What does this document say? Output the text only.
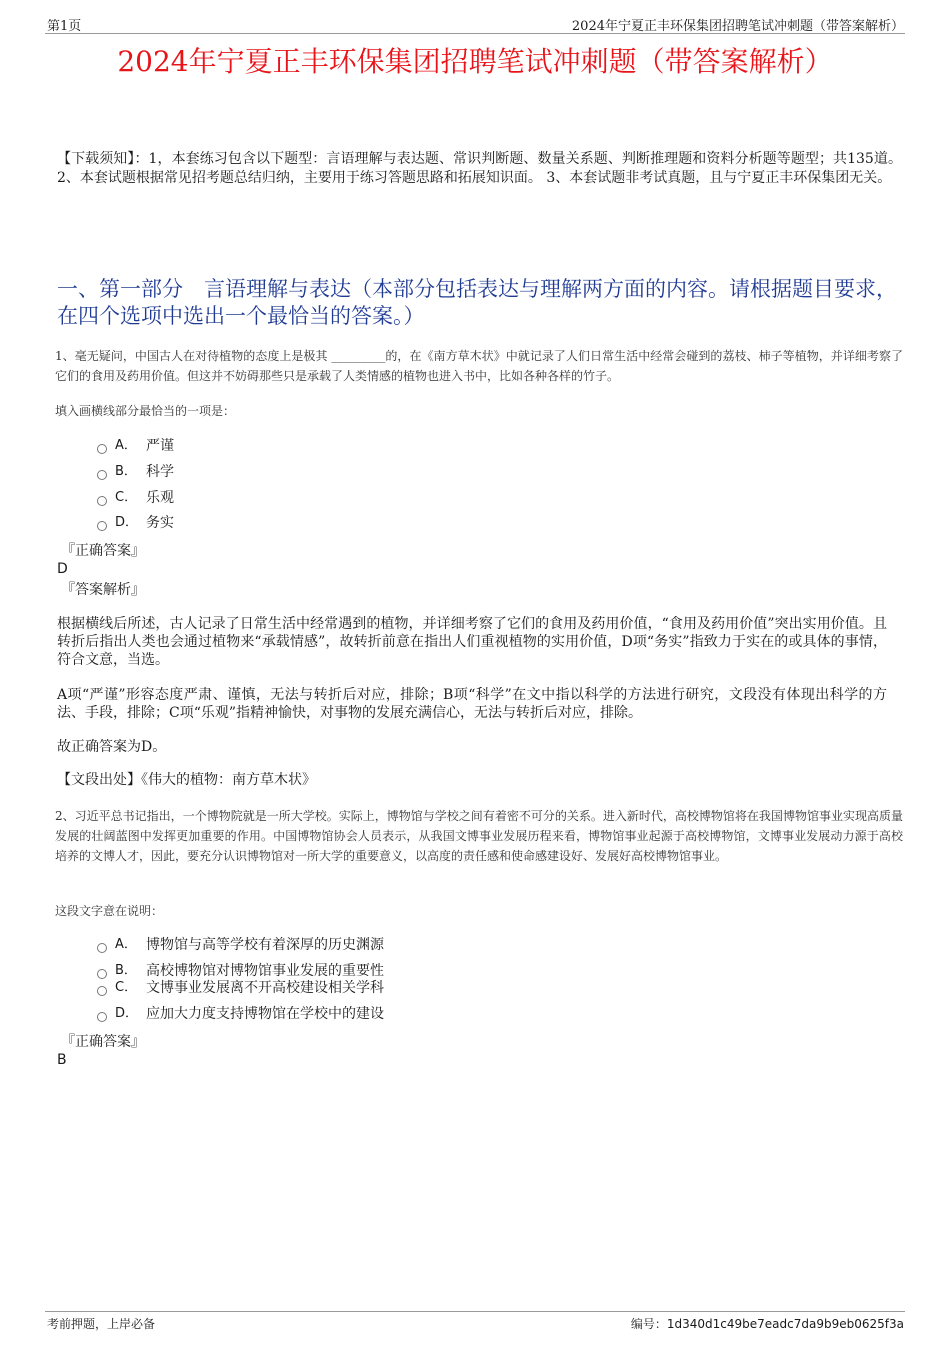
第1页	2024年宁夏正丰环保集团招聘笔试冲刺题（带答案解析）
2024年宁夏正丰环保集团招聘笔试冲刺题（带答案解析）
【下载须知】：1，本套练习包含以下题型：言语理解与表达题、常识判断题、数量关系题、判断推理题和资料分析题等题型；共135道。 2、本套试题根据常见招考题总结归纳，主要用于练习答题思路和拓展知识面。 3、本套试题非考试真题，且与宁夏正丰环保集团无关。
一、第一部分　言语理解与表达（本部分包括表达与理解两方面的内容。请根据题目要求，在四个选项中选出一个最恰当的答案。）
1、毫无疑问，中国古人在对待植物的态度上是极其 _________的，在《南方草木状》中就记录了人们日常生活中经常会碰到的荔枝、柿子等植物，并详细考察了它们的食用及药用价值。但这并不妨碍那些只是承载了人类情感的植物也进入书中，比如各种各样的竹子。
填入画横线部分最恰当的一项是：
A． 严谨
B． 科学
C． 乐观
D． 务实
『正确答案』
D
『答案解析』
根据横线后所述，古人记录了日常生活中经常遇到的植物，并详细考察了它们的食用及药用价值，“食用及药用价值”突出实用价值。且转折后指出人类也会通过植物来“承载情感”，故转折前意在指出人们重视植物的实用价值，D项“务实”指致力于实在的或具体的事情，符合文意，当选。
A项“严谨”形容态度严肃、谨慎，无法与转折后对应，排除；B项“科学”在文中指以科学的方法进行研究，文段没有体现出科学的方法、手段，排除；C项“乐观”指精神愉快，对事物的发展充满信心，无法与转折后对应，排除。
故正确答案为D。
【文段出处】《伟大的植物：南方草木状》
2、习近平总书记指出，一个博物院就是一所大学校。实际上，博物馆与学校之间有着密不可分的关系。进入新时代，高校博物馆将在我国博物馆事业实现高质量发展的壮阔蓝图中发挥更加重要的作用。中国博物馆协会人员表示，从我国文博事业发展历程来看，博物馆事业起源于高校博物馆，文博事业发展动力源于高校培养的文博人才，因此，要充分认识博物馆对一所大学的重要意义，以高度的责任感和使命感建设好、发展好高校博物馆事业。
这段文字意在说明：
A． 博物馆与高等学校有着深厚的历史渊源
B． 高校博物馆对博物馆事业发展的重要性
C． 文博事业发展离不开高校建设相关学科
D． 应加大力度支持博物馆在学校中的建设
『正确答案』
B
考前押题，上岸必备	编号：1d340d1c49be7eadc7da9b9eb0625f3a
